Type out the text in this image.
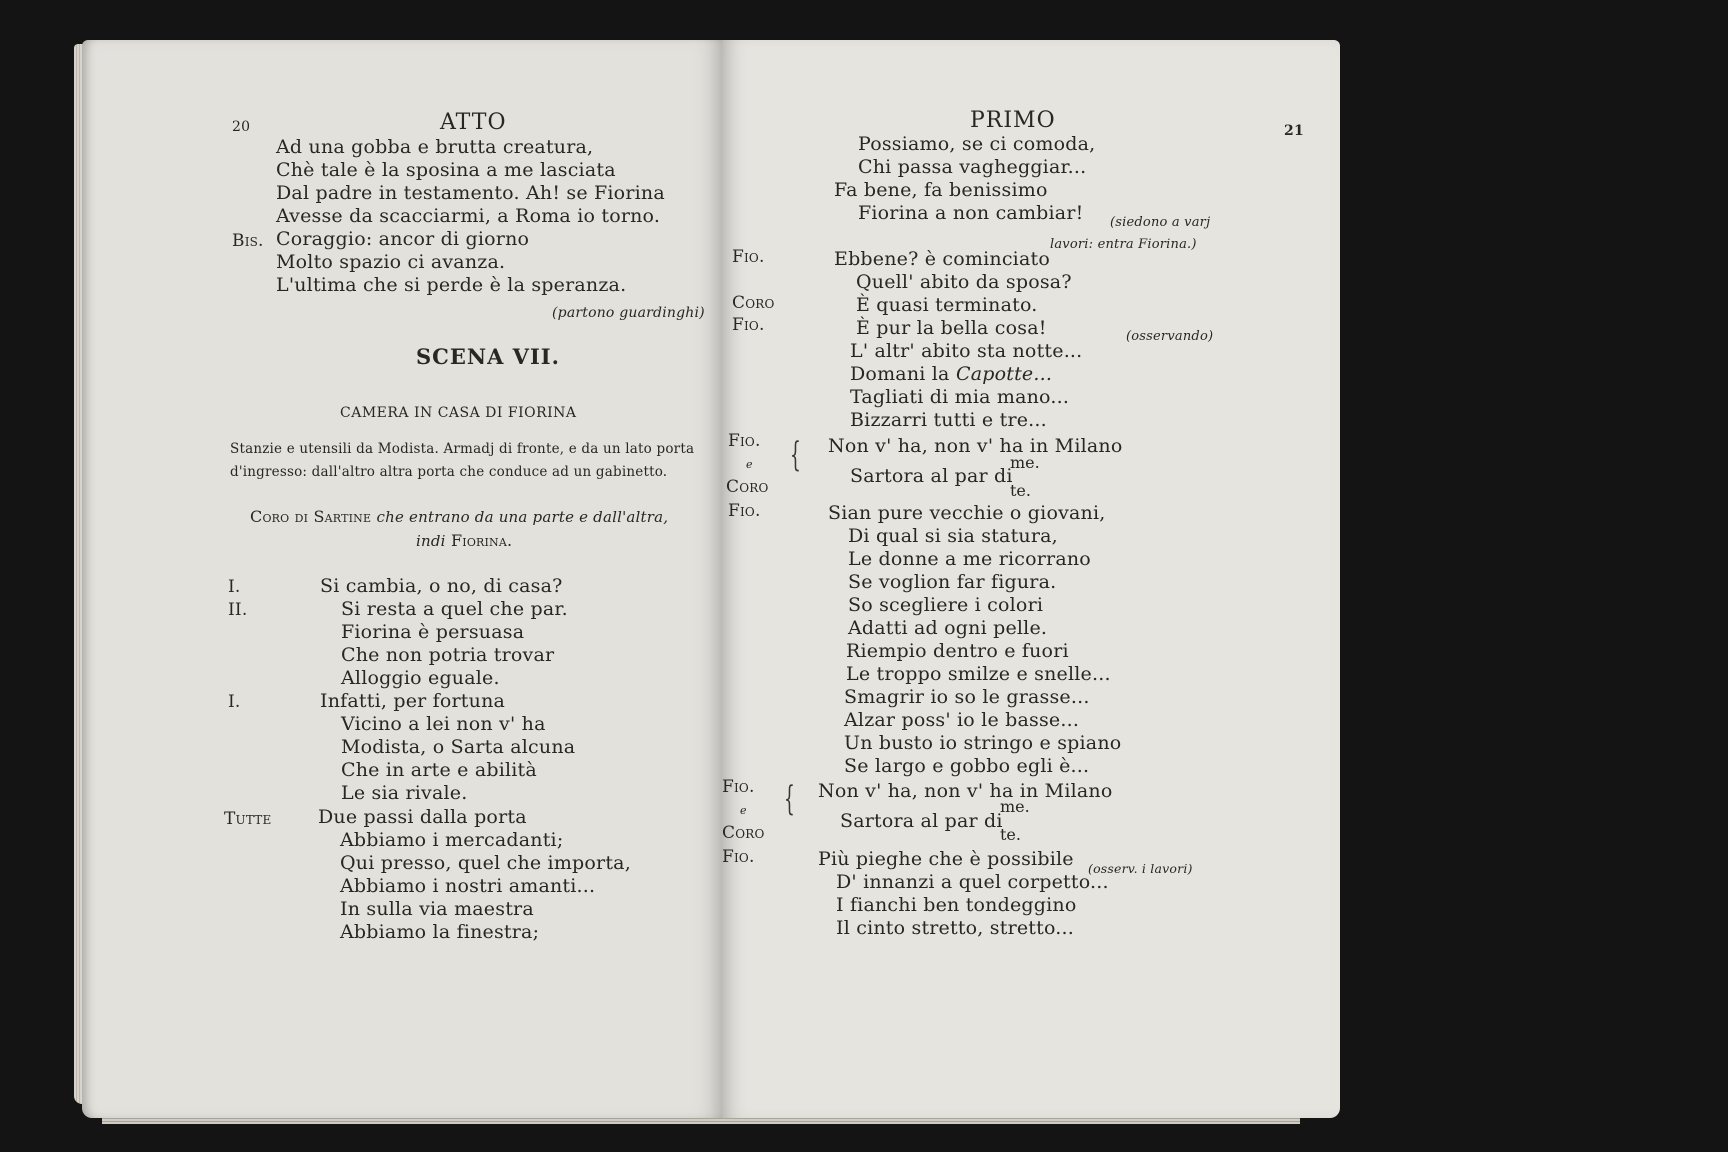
20	ATTO
Ad una gobba e brutta creatura,
Chè tale è la sposina a me lasciata
Dal padre in testamento. Ah! se Fiorina
Avesse da scacciarmi, a Roma io torno.
Bis. Coraggio: ancor di giorno
Molto spazio ci avanza.
L'ultima che si perde è la speranza.
(partono guardinghi)
SCENA VII.
CAMERA IN CASA DI FIORINA
Stanzie e utensili da Modista. Armadj di fronte, e da un lato porta
d'ingresso: dall'altro altra porta che conduce ad un gabinetto.
Coro di Sartine che entrano da una parte e dall'altra,
indi Fiorina.
I.	Si cambia, o no, di casa?
II.	Si resta a quel che par.
Fiorina è persuasa
Che non potria trovar
Alloggio eguale.
I.	Infatti, per fortuna
Vicino a lei non v' ha
Modista, o Sarta alcuna
Che in arte e abilità
Le sia rivale.
Tutte Due passi dalla porta
Abbiamo i mercadanti;
Qui presso, quel che importa,
Abbiamo i nostri amanti...
In sulla via maestra
Abbiamo la finestra;
PRIMO	21
Possiamo, se ci comoda,
Chi passa vagheggiar...
Fa bene, fa benissimo
Fiorina a non cambiar! (siedono a varj
lavori: entra Fiorina.)
Fio.	Ebbene? è cominciato
Quell' abito da sposa?
Coro	È quasi terminato.
Fio.	È pur la bella cosa!	(osservando)
L' altr' abito sta notte...
Domani la Capotte...
Tagliati di mia mano...
Bizzarri tutti e tre...
Fio.
e
Coro
{ Non v' ha, non v' ha in Milano
Sartora al par di
me.
te.
Fio.	Sian pure vecchie o giovani,
Di qual si sia statura,
Le donne a me ricorrano
Se voglion far figura.
So scegliere i colori
Adatti ad ogni pelle.
Riempio dentro e fuori
Le troppo smilze e snelle...
Smagrir io so le grasse...
Alzar poss' io le basse...
Un busto io stringo e spiano
Se largo e gobbo egli è...
Fio.
e
Coro
{ Non v' ha, non v' ha in Milano
Sartora al par di
me.
te.
Fio.	Più pieghe che è possibile (osserv. i lavori)
D' innanzi a quel corpetto...
I fianchi ben tondeggino
Il cinto stretto, stretto...
